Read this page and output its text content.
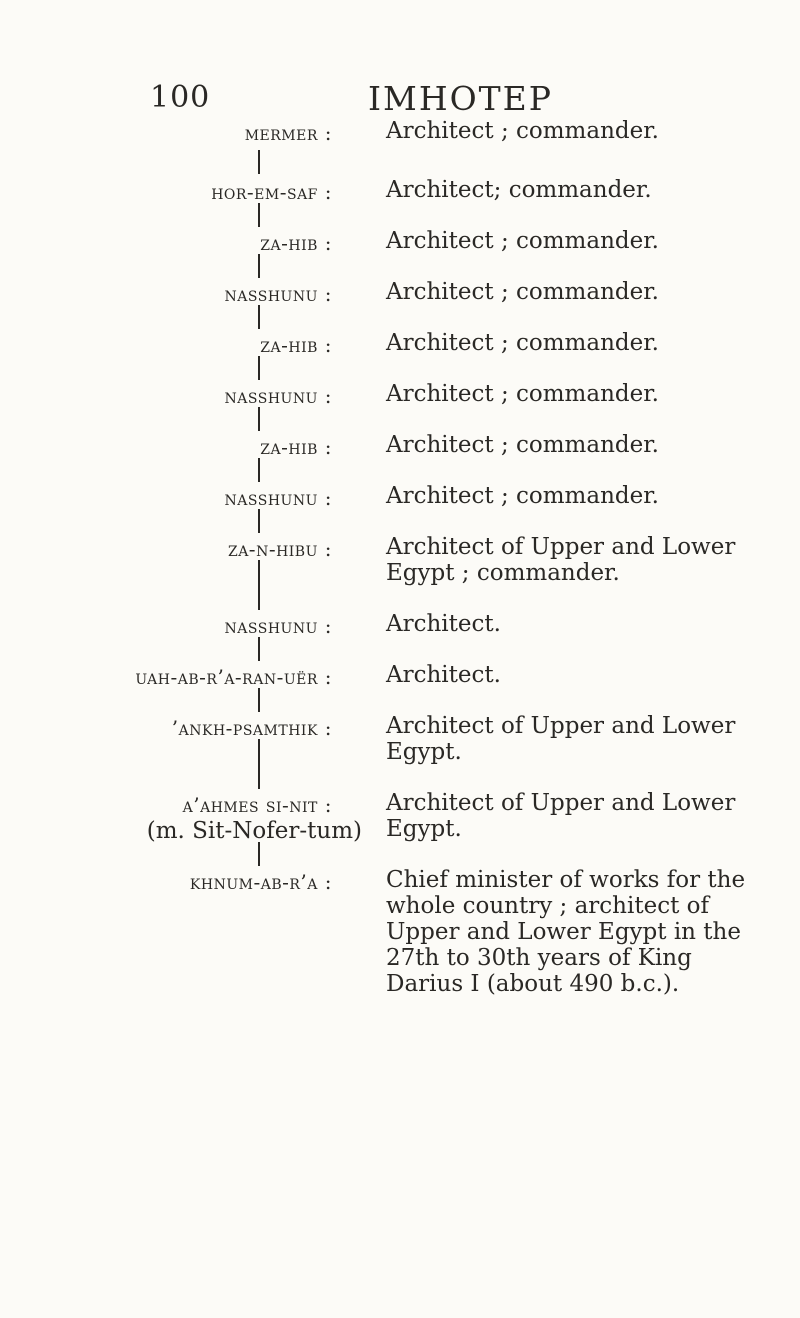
100	IMHOTEP
mermer :
hor-em-saf :
za-hib :
nasshunu :
za-hib :
nasshunu :
za-hib :
nasshunu :
za-n-hibu :
nasshunu :
uah-ab-r’a-ran-uër :
’ankh-psamthik :
a’ahmes si-nit :
(m. Sit-Nofer-tum)
khnum-ab-r’a :
Architect ; commander.
Architect; commander.
Architect ; commander.
Architect ; commander.
Architect ; commander.
Architect ; commander.
Architect ; commander.
Architect ; commander.
Architect of Upper and Lower
Egypt ; commander.
Architect.
Architect.
Architect of Upper and Lower
Egypt.
Architect of Upper and Lower
Egypt.
Chief minister of works for the
whole country ; architect of
Upper and Lower Egypt in the
27th to 30th years of King
Darius I (about 490 b.c.).
